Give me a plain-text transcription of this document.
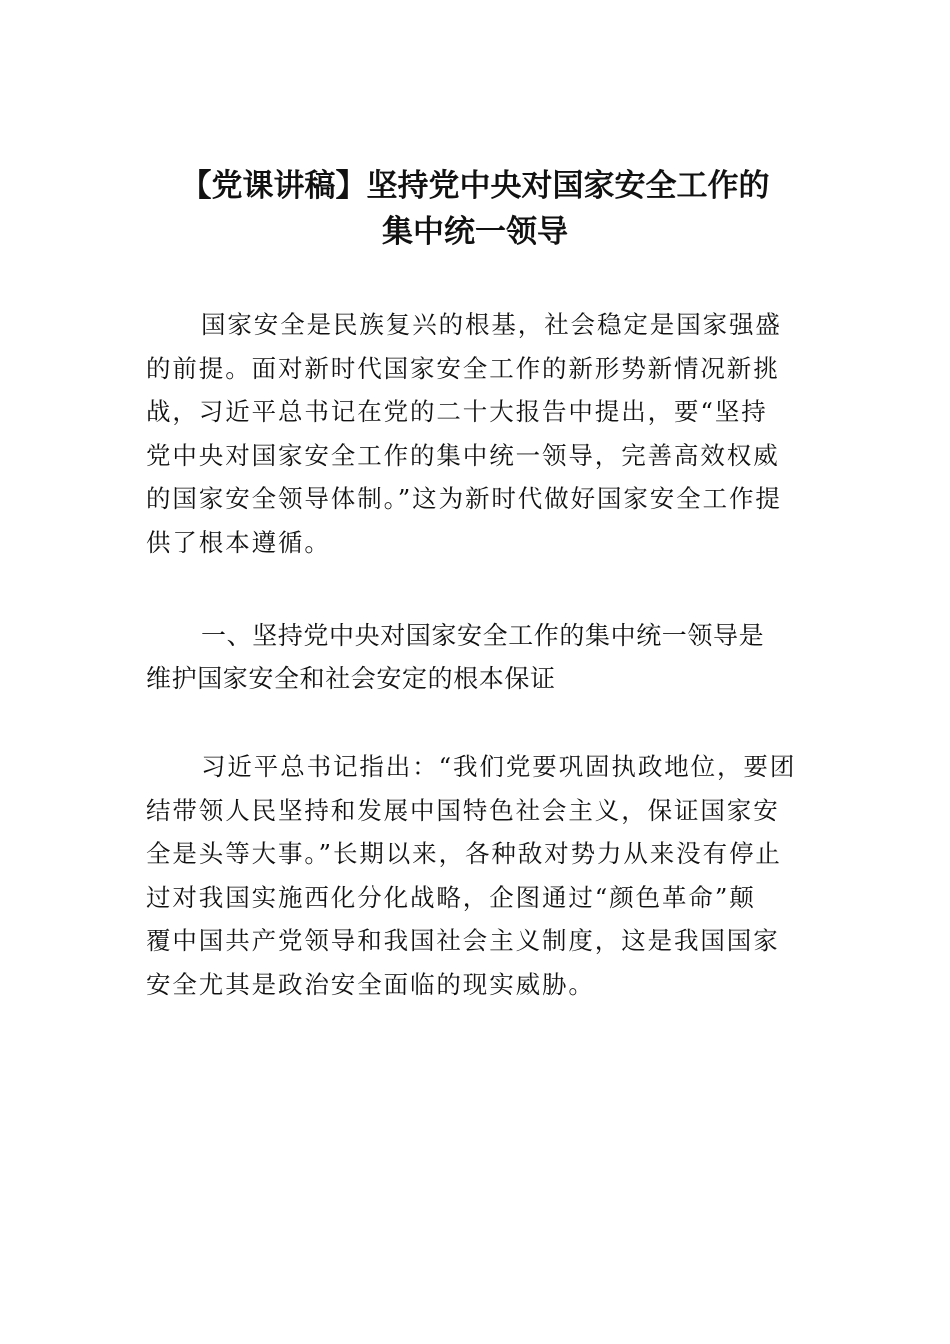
【党课讲稿】坚持党中央对国家安全工作的
集中统一领导
国家安全是民族复兴的根基，社会稳定是国家强盛
的前提。面对新时代国家安全工作的新形势新情况新挑
战，习近平总书记在党的二十大报告中提出，要“坚持
党中央对国家安全工作的集中统一领导，完善高效权威
的国家安全领导体制。”这为新时代做好国家安全工作提
供了根本遵循。
一、坚持党中央对国家安全工作的集中统一领导是
维护国家安全和社会安定的根本保证
习近平总书记指出：“我们党要巩固执政地位，要团
结带领人民坚持和发展中国特色社会主义，保证国家安
全是头等大事。”长期以来，各种敌对势力从来没有停止
过对我国实施西化分化战略，企图通过“颜色革命”颠
覆中国共产党领导和我国社会主义制度，这是我国国家
安全尤其是政治安全面临的现实威胁。
